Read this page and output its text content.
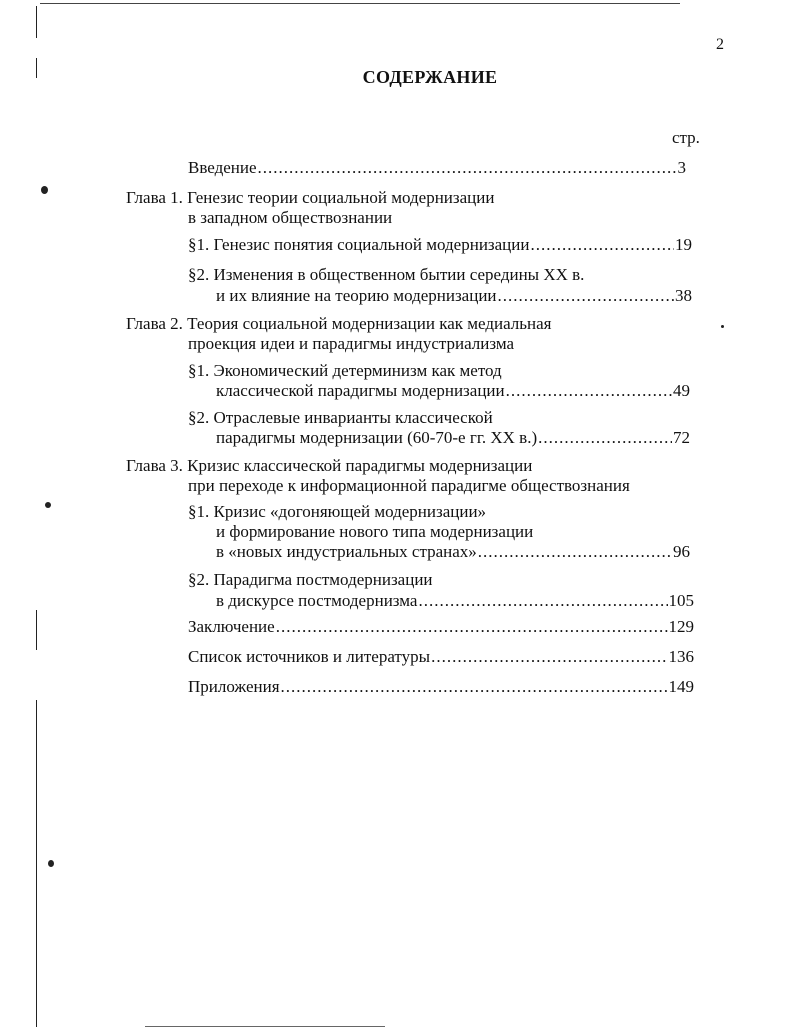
2
СОДЕРЖАНИЕ
стр.
Введение .....	3
Глава 1. Генезис теории социальной модернизации
в западном обществознании
§1. Генезис понятия социальной модернизации .....	19
§2. Изменения в общественном бытии середины XX в.
и их влияние на теорию модернизации .....	38
Глава 2. Теория социальной модернизации как медиальная
проекция идеи и парадигмы индустриализма
§1. Экономический детерминизм как метод
классической парадигмы модернизации .....	49
§2. Отраслевые инварианты классической
парадигмы модернизации (60-70-е гг. XX в.) .....	72
Глава 3. Кризис классической парадигмы модернизации
при переходе к информационной парадигме обществознания
§1. Кризис «догоняющей модернизации»
и формирование нового типа модернизации
в «новых индустриальных странах» .....	96
§2. Парадигма постмодернизации
в дискурсе постмодернизма .....	105
Заключение .....	129
Список источников и литературы .....	136
Приложения .....	149
